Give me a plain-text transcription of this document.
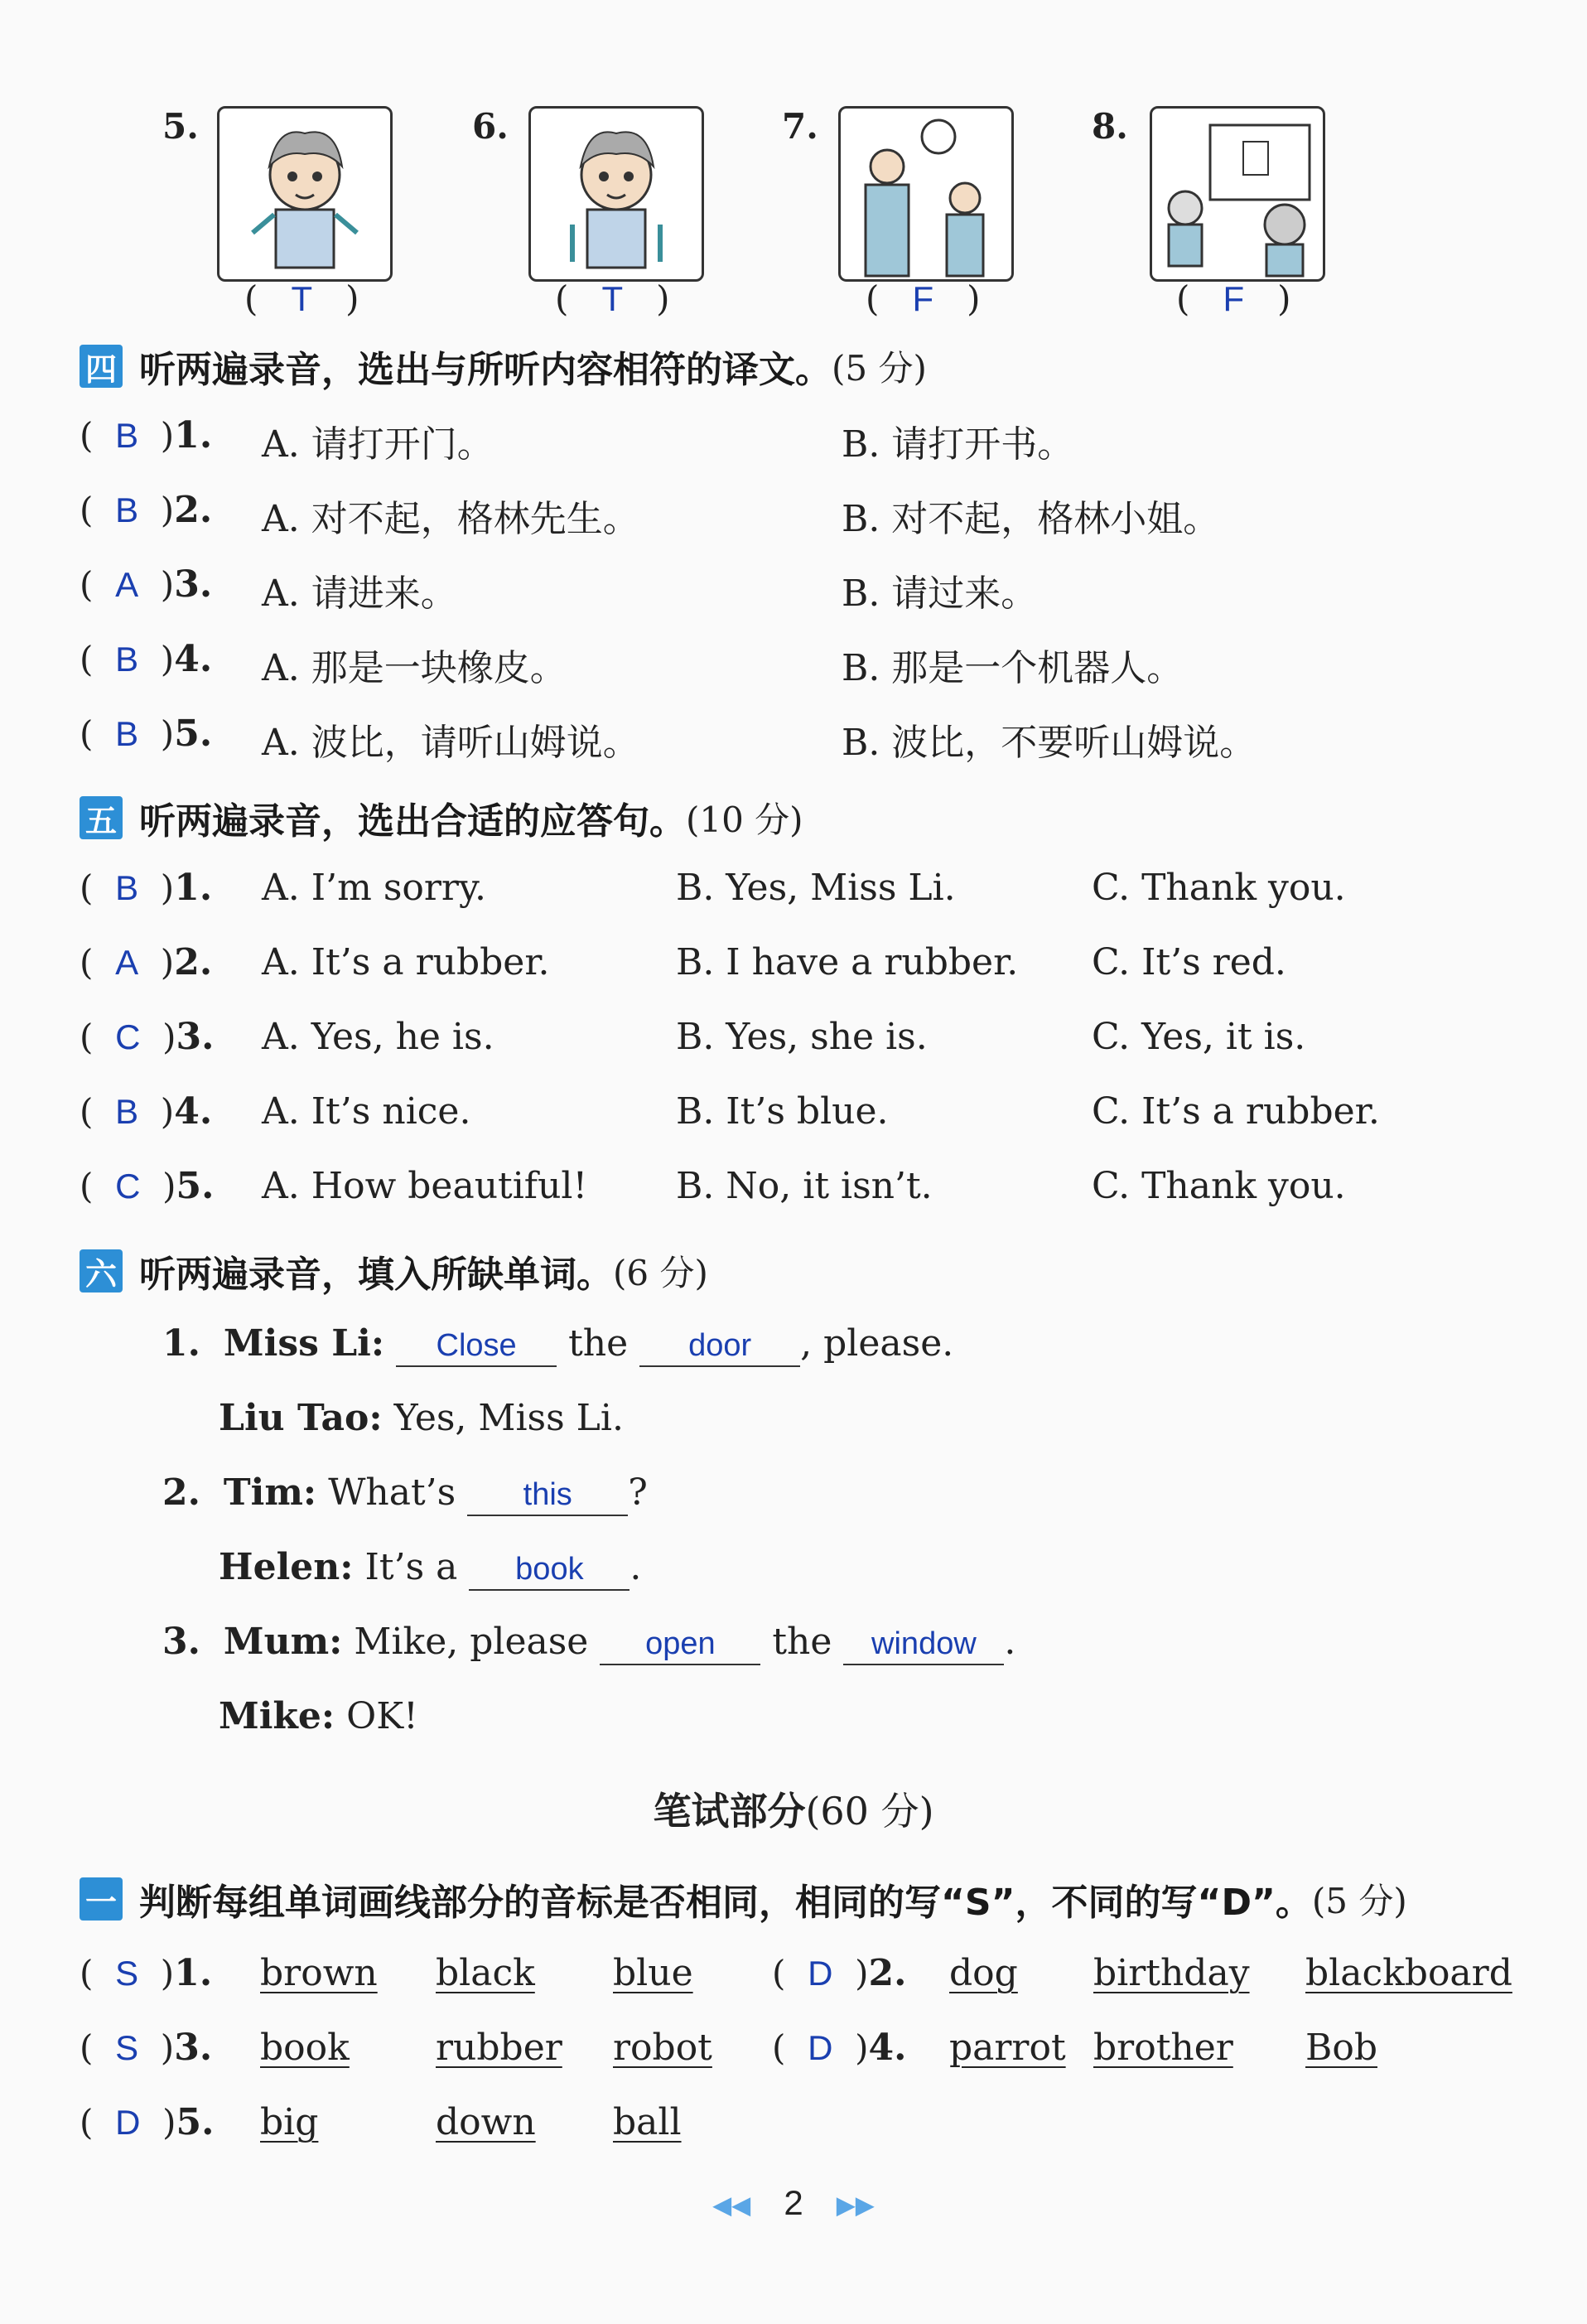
5.
(   T   )
6.
(   T   )
7.
(   F   )
8.
(   F   )
四 听两遍录音，选出与所听内容相符的译文。 (5 分)
(  B  )1. A. 请打开门。	B. 请打开书。
(  B  )2. A. 对不起，格林先生。	B. 对不起，格林小姐。
(  A  )3. A. 请进来。	B. 请过来。
(  B  )4. A. 那是一块橡皮。	B. 那是一个机器人。
(  B  )5. A. 波比，请听山姆说。	B. 波比，不要听山姆说。
五 听两遍录音，选出合适的应答句。 (10 分)
(  B  )1. A. I’m sorry.	B. Yes, Miss Li.	C. Thank you.
(  A  )2. A. It’s a rubber.	B. I have a rubber. C. It’s red.
(  C  )3. A. Yes, he is.	B. Yes, she is.	C. Yes, it is.
(  B  )4. A. It’s nice.	B. It’s blue.	C. It’s a rubber.
(  C  )5. A. How beautiful! B. No, it isn’t.	C. Thank you.
六 听两遍录音，填入所缺单词。 (6 分)
1. Miss Li: Close the door , please.
Liu Tao: Yes, Miss Li.
2. Tim: What’s this ?
Helen: It’s a book .
3. Mum: Mike, please open the window .
Mike: OK!
笔试部分(60 分)
一 判断每组单词画线部分的音标是否相同，相同的写“S”，不同的写“D”。 (5 分)
(  S  )1. brown black blue (  D  )2. dog birthday blackboard
(  S  )3. book rubber robot (  D  )4. parrot brother Bob
(  D  )5. big	down ball
◀◀ 2 ▶▶
